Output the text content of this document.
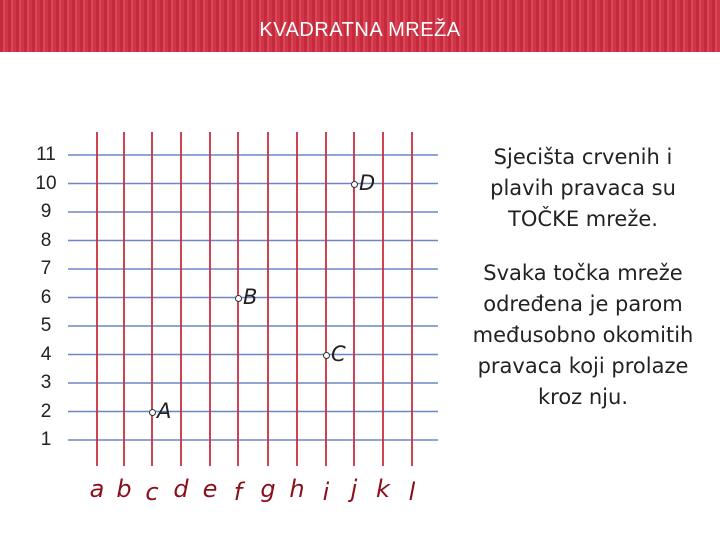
KVADRATNA MREŽA
11
10
9
8
7
6
5
4
3
2
1
a b c d e f g h i j k l
A
B
C
D
Sjecišta crvenih i plavih pravaca su TOČKE mreže.
Svaka točka mreže određena je parom međusobno okomitih pravaca koji prolaze kroz nju.
